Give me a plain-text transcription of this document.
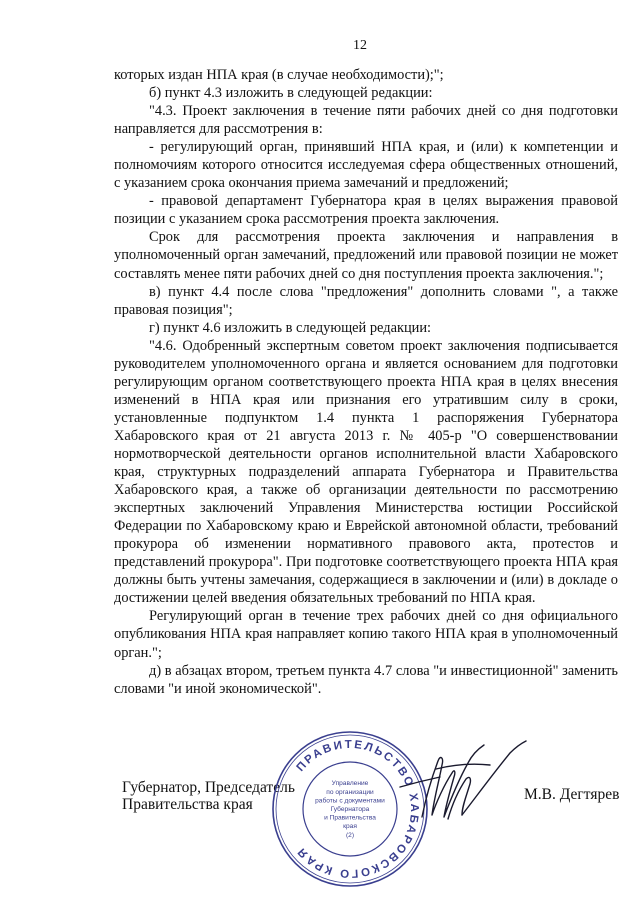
12

которых издан НПА края (в случае необходимости);";

б) пункт 4.3 изложить в следующей редакции:

"4.3. Проект заключения в течение пяти рабочих дней со дня подготовки направляется для рассмотрения в:

- регулирующий орган, принявший НПА края, и (или) к компетенции и полномочиям которого относится исследуемая сфера общественных отношений, с указанием срока окончания приема замечаний и предложений;

- правовой департамент Губернатора края в целях выражения правовой позиции с указанием срока рассмотрения проекта заключения.

Срок для рассмотрения проекта заключения и направления в уполномоченный орган замечаний, предложений или правовой позиции не может составлять менее пяти рабочих дней со дня поступления проекта заключения.";

в) пункт 4.4 после слова "предложения" дополнить словами ", а также правовая позиция";

г) пункт 4.6 изложить в следующей редакции:

"4.6. Одобренный экспертным советом проект заключения подписывается руководителем уполномоченного органа и является основанием для подготовки регулирующим органом соответствующего проекта НПА края в целях внесения изменений в НПА края или признания его утратившим силу в сроки, установленные подпунктом 1.4 пункта 1 распоряжения Губернатора Хабаровского края от 21 августа 2013 г. № 405-р "О совершенствовании нормотворческой деятельности органов исполнительной власти Хабаровского края, структурных подразделений аппарата Губернатора и Правительства Хабаровского края, а также об организации деятельности по рассмотрению экспертных заключений Управления Министерства юстиции Российской Федерации по Хабаровскому краю и Еврейской автономной области, требований прокурора об изменении нормативного правового акта, протестов и представлений прокурора". При подготовке соответствующего проекта НПА края должны быть учтены замечания, содержащиеся в заключении и (или) в докладе о достижении целей введения обязательных требований по НПА края.

Регулирующий орган в течение трех рабочих дней со дня официального опубликования НПА края направляет копию такого НПА края в уполномоченный орган.";

д) в абзацах втором, третьем пункта 4.7 слова "и инвестиционной" заменить словами "и иной экономической".

Губернатор, Председатель
Правительства края
ПРАВИТЕЛЬСТВО ХАБАРОВСКОГО КРАЯ
Управление
по организации
работы с документами
Губернатора
и Правительства
края
(2)
М.В. Дегтярев
